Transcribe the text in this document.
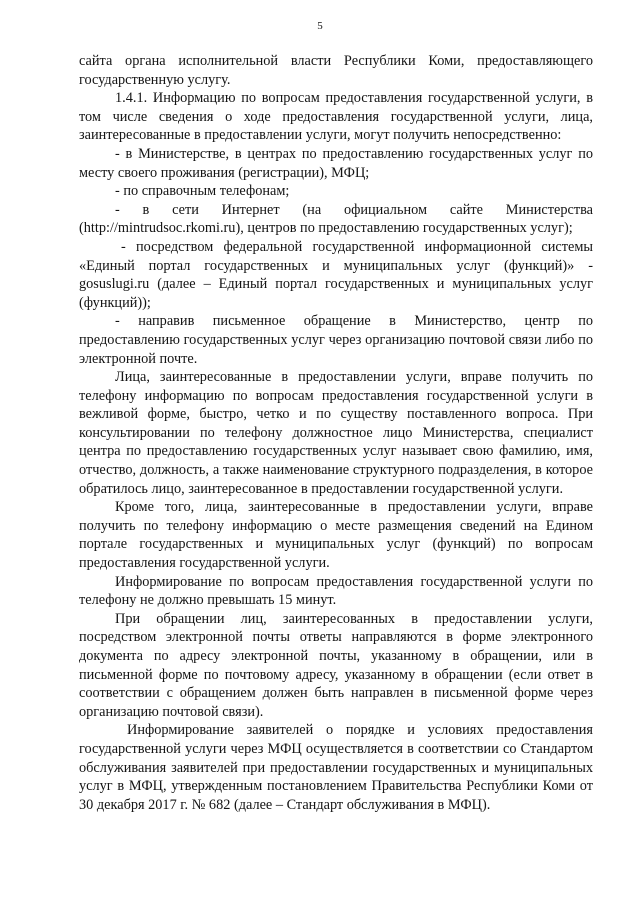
5

сайта органа исполнительной власти Республики Коми, предоставляющего государственную услугу.

1.4.1. Информацию по вопросам предоставления государственной услуги, в том числе сведения о ходе предоставления государственной услуги, лица, заинтересованные в предоставлении услуги, могут получить непосредственно:

- в Министерстве, в центрах по предоставлению государственных услуг по месту своего проживания (регистрации), МФЦ;

- по справочным телефонам;

- в сети Интернет (на официальном сайте Министерства (http://mintrudsoc.rkomi.ru), центров по предоставлению государственных услуг);

- посредством федеральной государственной информационной системы «Единый портал государственных и муниципальных услуг (функций)» - gosuslugi.ru (далее – Единый портал государственных и муниципальных услуг (функций));

- направив письменное обращение в Министерство, центр по предоставлению государственных услуг через организацию почтовой связи либо по электронной почте.

Лица, заинтересованные в предоставлении услуги, вправе получить по телефону информацию по вопросам предоставления государственной услуги в вежливой форме, быстро, четко и по существу поставленного вопроса. При консультировании по телефону должностное лицо Министерства, специалист центра по предоставлению государственных услуг называет свою фамилию, имя, отчество, должность, а также наименование структурного подразделения, в которое обратилось лицо, заинтересованное в предоставлении государственной услуги.

Кроме того, лица, заинтересованные в предоставлении услуги, вправе получить по телефону информацию о месте размещения сведений на Едином портале государственных и муниципальных услуг (функций) по вопросам предоставления государственной услуги.

Информирование по вопросам предоставления государственной услуги по телефону не должно превышать 15 минут.

При обращении лиц, заинтересованных в предоставлении услуги, посредством электронной почты ответы направляются в форме электронного документа по адресу электронной почты, указанному в обращении, или в письменной форме по почтовому адресу, указанному в обращении (если ответ в соответствии с обращением должен быть направлен в письменной форме через организацию почтовой связи).

Информирование заявителей о порядке и условиях предоставления государственной услуги через МФЦ осуществляется в соответствии со Стандартом обслуживания заявителей при предоставлении государственных и муниципальных услуг в МФЦ, утвержденным постановлением Правительства Республики Коми от 30 декабря 2017 г. № 682 (далее – Стандарт обслуживания в МФЦ).
